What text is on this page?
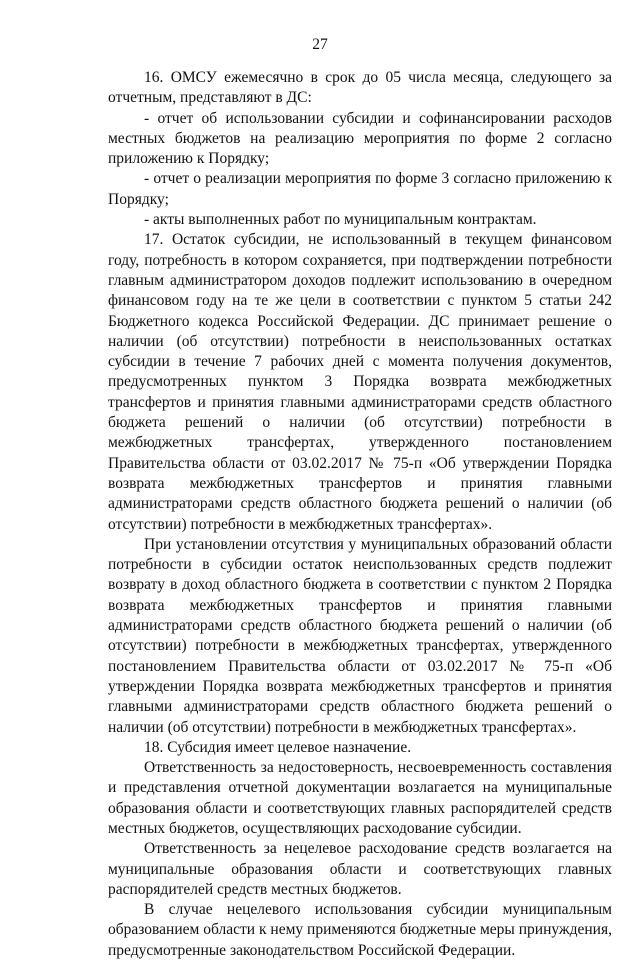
27

16. ОМСУ ежемесячно в срок до 05 числа месяца, следующего за отчетным, представляют в ДС:

- отчет об использовании субсидии и софинансировании расходов местных бюджетов на реализацию мероприятия по форме 2 согласно приложению к Порядку;

- отчет о реализации мероприятия по форме 3 согласно приложению к Порядку;

- акты выполненных работ по муниципальным контрактам.

17. Остаток субсидии, не использованный в текущем финансовом году, потребность в котором сохраняется, при подтверждении потребности главным администратором доходов подлежит использованию в очередном финансовом году на те же цели в соответствии с пунктом 5 статьи 242 Бюджетного кодекса Российской Федерации. ДС принимает решение о наличии (об отсутствии) потребности в неиспользованных остатках субсидии в течение 7 рабочих дней с момента получения документов, предусмотренных пунктом 3 Порядка возврата межбюджетных трансфертов и принятия главными администраторами средств областного бюджета решений о наличии (об отсутствии) потребности в межбюджетных трансфертах, утвержденного постановлением Правительства области от 03.02.2017 № 75-п «Об утверждении Порядка возврата межбюджетных трансфертов и принятия главными администраторами средств областного бюджета решений о наличии (об отсутствии) потребности в межбюджетных трансфертах».

При установлении отсутствия у муниципальных образований области потребности в субсидии остаток неиспользованных средств подлежит возврату в доход областного бюджета в соответствии с пунктом 2 Порядка возврата межбюджетных трансфертов и принятия главными администраторами средств областного бюджета решений о наличии (об отсутствии) потребности в межбюджетных трансфертах, утвержденного постановлением Правительства области от 03.02.2017 № 75-п «Об утверждении Порядка возврата межбюджетных трансфертов и принятия главными администраторами средств областного бюджета решений о наличии (об отсутствии) потребности в межбюджетных трансфертах».

18. Субсидия имеет целевое назначение.

Ответственность за недостоверность, несвоевременность составления и представления отчетной документации возлагается на муниципальные образования области и соответствующих главных распорядителей средств местных бюджетов, осуществляющих расходование субсидии.

Ответственность за нецелевое расходование средств возлагается на муниципальные образования области и соответствующих главных распорядителей средств местных бюджетов.

В случае нецелевого использования субсидии муниципальным образованием области к нему применяются бюджетные меры принуждения, предусмотренные законодательством Российской Федерации.
